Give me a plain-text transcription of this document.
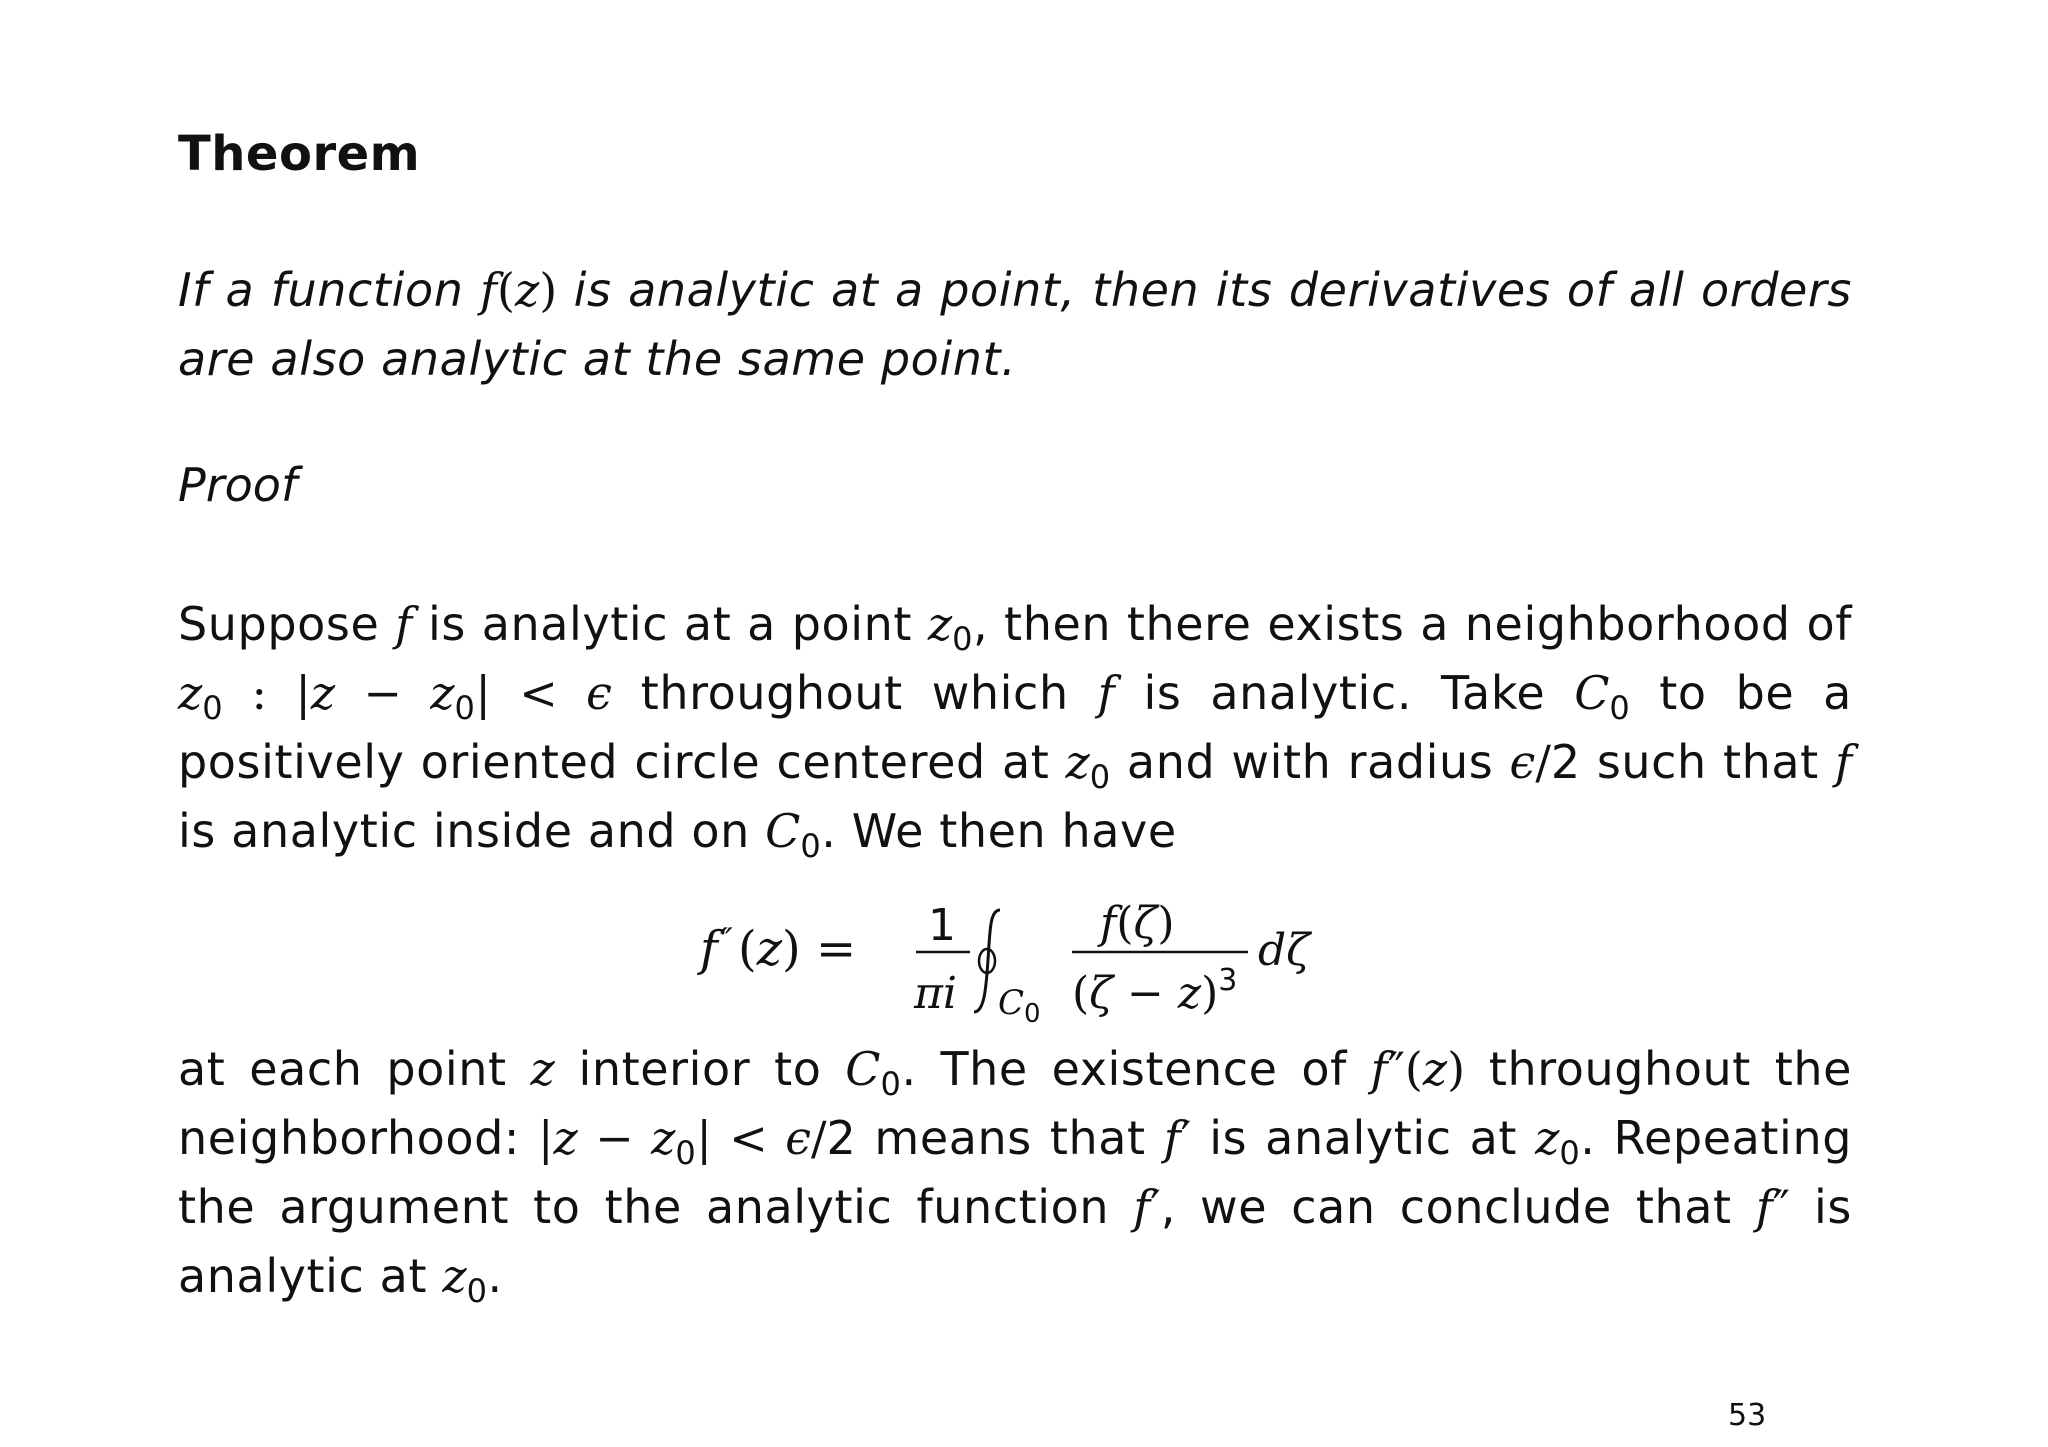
Theorem
If a function f(z) is analytic at a point, then its derivatives of all orders are also analytic at the same point.
Proof
Suppose f is analytic at a point $z_0$, then there exists a neighborhood of $z_0$ : $|z - z_0| < \epsilon$ throughout which f is analytic. Take $C_0$ to be a positively oriented circle centered at $z_0$ and with radius ϵ/2 such that f is analytic inside and on $C_0$. We then have
f ″ (z) = 1
πi $C_0$
f(ζ)
$(\zeta - z)^3$
dζ
at each point z interior to $C_0$. The existence of f″(z) throughout the neighborhood: $|z - z_0| < \epsilon/2$ means that f′ is analytic at $z_0$. Repeating the argument to the analytic function f′, we can conclude that f″ is analytic at $z_0$.
53
